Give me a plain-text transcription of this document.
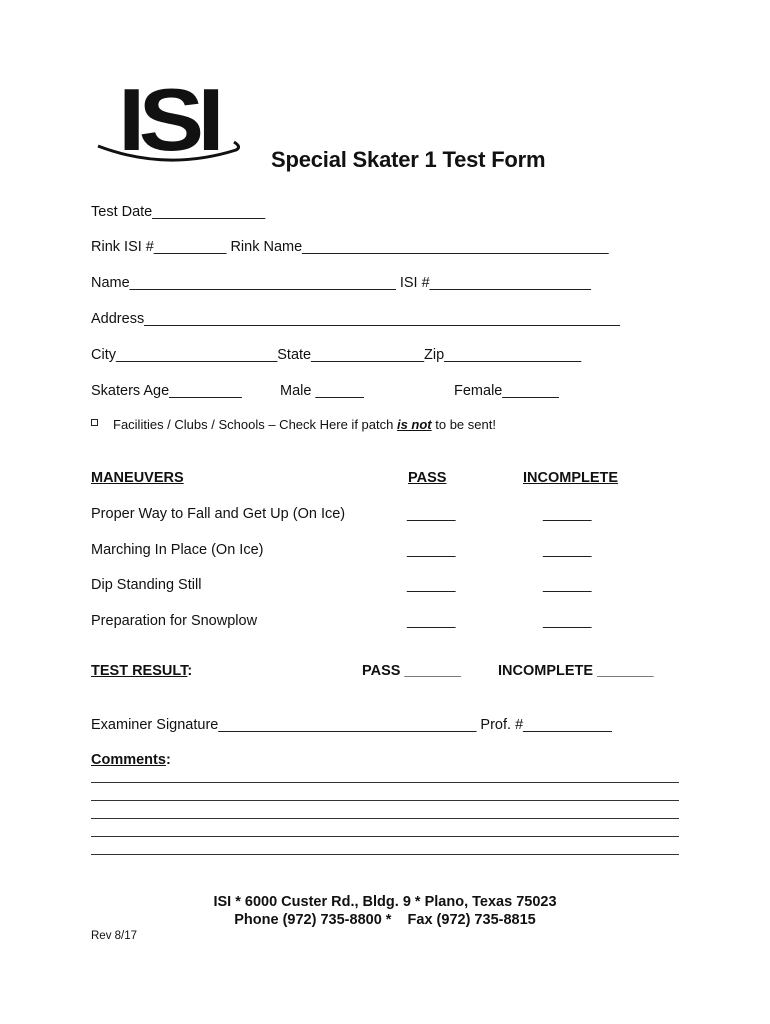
ISI Special Skater 1 Test Form
Test Date______________
Rink ISI #_________ Rink Name______________________________________
Name_________________________________ ISI #____________________
Address___________________________________________________________
City____________________State______________Zip_________________
Skaters Age_________	Male ______	Female_______
Facilities / Clubs / Schools – Check Here if patch is not to be sent!
MANEUVERS	PASS	INCOMPLETE
Proper Way to Fall and Get Up (On Ice)	______	______
Marching In Place (On Ice)	______	______
Dip Standing Still	______	______
Preparation for Snowplow	______	______
TEST RESULT:	PASS _______	INCOMPLETE _______
Examiner Signature________________________________ Prof. #___________
Comments:
ISI * 6000 Custer Rd., Bldg. 9 * Plano, Texas 75023
Phone (972) 735-8800 *    Fax (972) 735-8815
Rev 8/17
